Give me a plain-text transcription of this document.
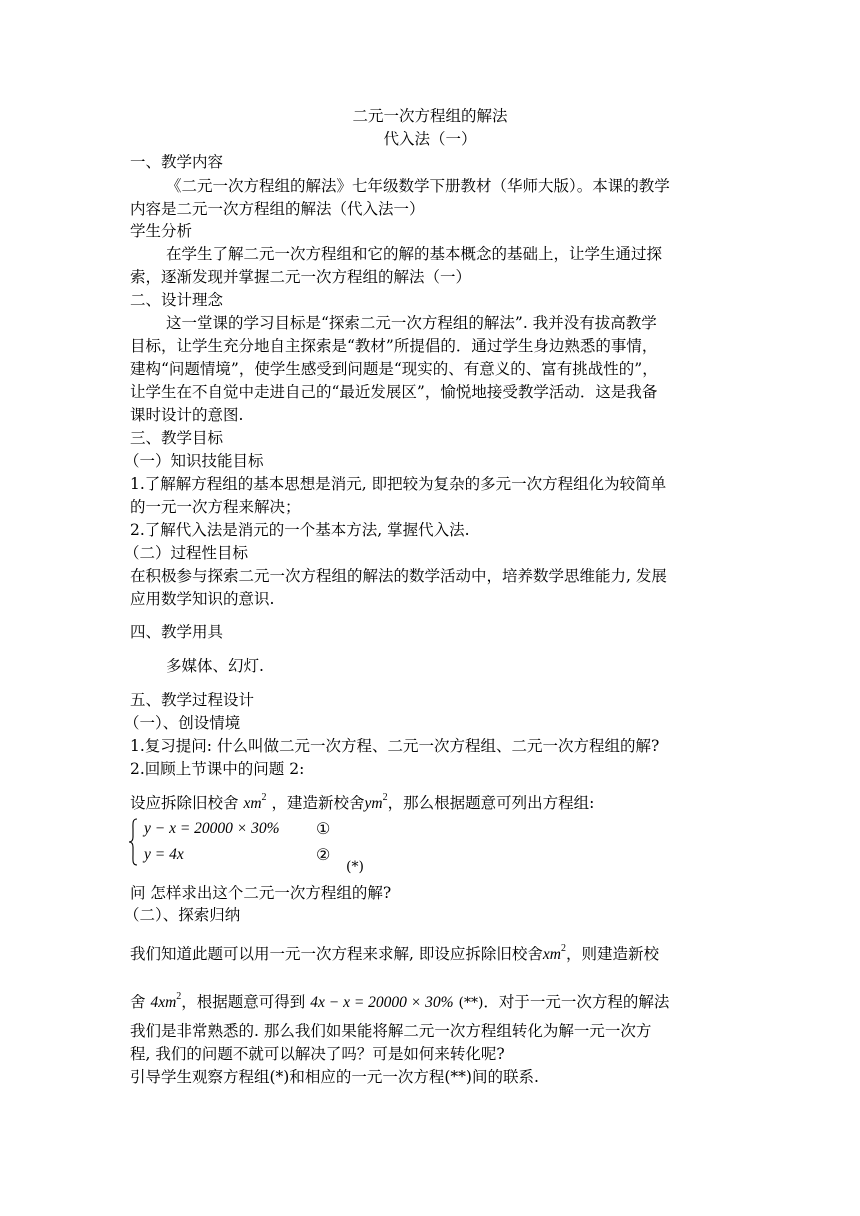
二元一次方程组的解法
代入法（一）
一、教学内容
《二元一次方程组的解法》七年级数学下册教材（华师大版）。本课的教学
内容是二元一次方程组的解法（代入法一）
学生分析
在学生了解二元一次方程组和它的解的基本概念的基础上，让学生通过探
索，逐渐发现并掌握二元一次方程组的解法（一）
二、设计理念
这一堂课的学习目标是“探索二元一次方程组的解法”. 我并没有拔高教学
目标，让学生充分地自主探索是“教材”所提倡的．通过学生身边熟悉的事情，
建构“问题情境”，使学生感受到问题是“现实的、有意义的、富有挑战性的”，
让学生在不自觉中走进自己的“最近发展区”，愉悦地接受教学活动．这是我备
课时设计的意图.
三、教学目标
（一）知识技能目标
1.了解解方程组的基本思想是消元, 即把较为复杂的多元一次方程组化为较简单
的一元一次方程来解决；
2.了解代入法是消元的一个基本方法, 掌握代入法.
（二）过程性目标
在积极参与探索二元一次方程组的解法的数学活动中，培养数学思维能力, 发展
应用数学知识的意识.
四、教学用具
多媒体、幻灯.
五、教学过程设计
（一）、创设情境
1.复习提问: 什么叫做二元一次方程、二元一次方程组、二元一次方程组的解?
2.回顾上节课中的问题 2:
设应拆除旧校舍 $xm^2$ ，建造新校舍$ym^2$，那么根据题意可列出方程组:
y − x = 20000 × 30% ①
y = 4x	②
(*)
问 怎样求出这个二元一次方程组的解?
（二）、探索归纳
我们知道此题可以用一元一次方程来求解, 即设应拆除旧校舍$xm^2$，则建造新校
舍 $4xm^2$，根据题意可得到 4x − x = 20000 × 30% (**)．对于一元一次方程的解法
我们是非常熟悉的. 那么我们如果能将解二元一次方程组转化为解一元一次方
程, 我们的问题不就可以解决了吗？可是如何来转化呢?
引导学生观察方程组(*)和相应的一元一次方程(**)间的联系.
